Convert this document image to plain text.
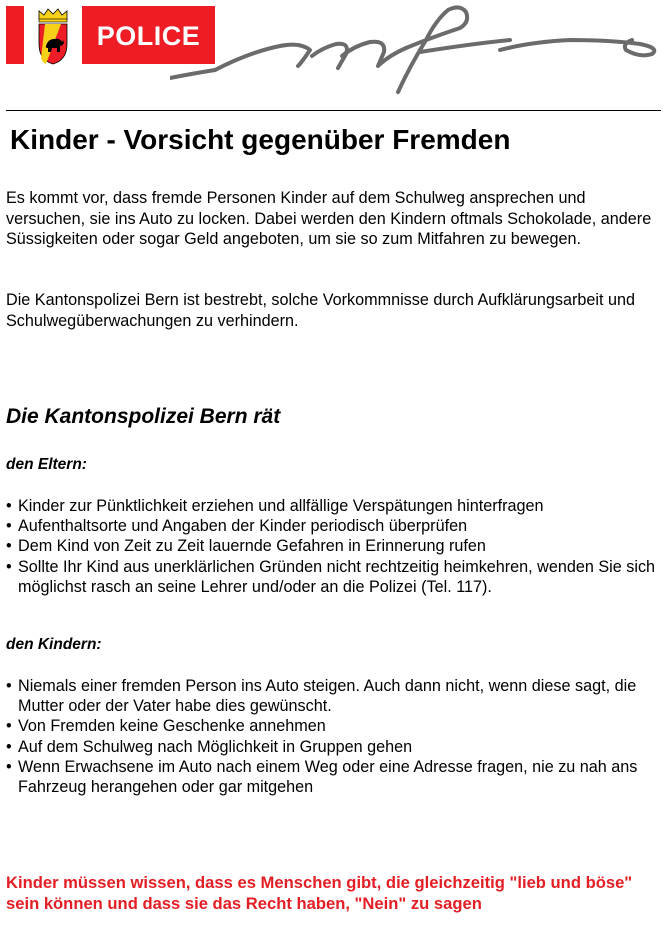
POLICE
Kinder - Vorsicht gegenüber Fremden

Es kommt vor, dass fremde Personen Kinder auf dem Schulweg ansprechen und versuchen, sie ins Auto zu locken. Dabei werden den Kindern oftmals Schokolade, andere Süssigkeiten oder sogar Geld angeboten, um sie so zum Mitfahren zu bewegen.

Die Kantonspolizei Bern ist bestrebt, solche Vorkommnisse durch Aufklärungsarbeit und Schulwegüberwachungen zu verhindern.

Die Kantonspolizei Bern rät

den Eltern:

• Kinder zur Pünktlichkeit erziehen und allfällige Verspätungen hinterfragen
• Aufenthaltsorte und Angaben der Kinder periodisch überprüfen
• Dem Kind von Zeit zu Zeit lauernde Gefahren in Erinnerung rufen
• Sollte Ihr Kind aus unerklärlichen Gründen nicht rechtzeitig heimkehren, wenden Sie sich möglichst rasch an seine Lehrer und/oder an die Polizei (Tel. 117).

den Kindern:

• Niemals einer fremden Person ins Auto steigen. Auch dann nicht, wenn diese sagt, die Mutter oder der Vater habe dies gewünscht.
• Von Fremden keine Geschenke annehmen
• Auf dem Schulweg nach Möglichkeit in Gruppen gehen
• Wenn Erwachsene im Auto nach einem Weg oder eine Adresse fragen, nie zu nah ans Fahrzeug herangehen oder gar mitgehen

Kinder müssen wissen, dass es Menschen gibt, die gleichzeitig "lieb und böse" sein können und dass sie das Recht haben, "Nein" zu sagen
